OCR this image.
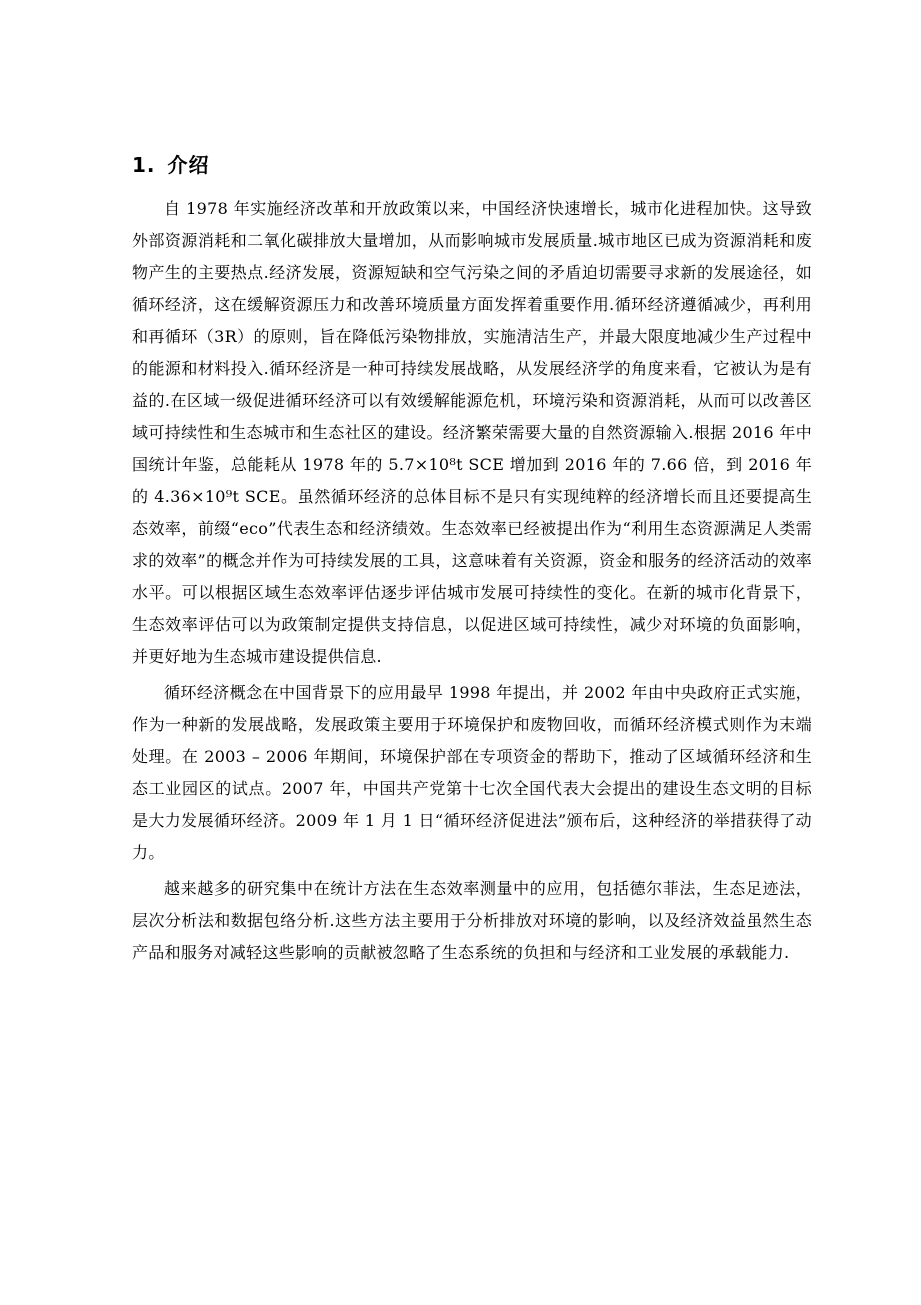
1. 介绍

自 1978 年实施经济改革和开放政策以来，中国经济快速增长，城市化进程加快。这导致外部资源消耗和二氧化碳排放大量增加，从而影响城市发展质量.城市地区已成为资源消耗和废物产生的主要热点.经济发展，资源短缺和空气污染之间的矛盾迫切需要寻求新的发展途径，如循环经济，这在缓解资源压力和改善环境质量方面发挥着重要作用.循环经济遵循减少，再利用和再循环（3R）的原则，旨在降低污染物排放，实施清洁生产，并最大限度地减少生产过程中的能源和材料投入.循环经济是一种可持续发展战略，从发展经济学的角度来看，它被认为是有益的.在区域一级促进循环经济可以有效缓解能源危机，环境污染和资源消耗，从而可以改善区域可持续性和生态城市和生态社区的建设。经济繁荣需要大量的自然资源输入.根据 2016 年中国统计年鉴，总能耗从 1978 年的 5.7×10⁸t SCE 增加到 2016 年的 7.66 倍，到 2016 年的 4.36×10⁹t SCE。虽然循环经济的总体目标不是只有实现纯粹的经济增长而且还要提高生态效率，前缀“eco”代表生态和经济绩效。生态效率已经被提出作为“利用生态资源满足人类需求的效率”的概念并作为可持续发展的工具，这意味着有关资源，资金和服务的经济活动的效率水平。可以根据区域生态效率评估逐步评估城市发展可持续性的变化。在新的城市化背景下，生态效率评估可以为政策制定提供支持信息，以促进区域可持续性，减少对环境的负面影响，并更好地为生态城市建设提供信息.

循环经济概念在中国背景下的应用最早 1998 年提出，并 2002 年由中央政府正式实施，作为一种新的发展战略，发展政策主要用于环境保护和废物回收，而循环经济模式则作为末端处理。在 2003 – 2006 年期间，环境保护部在专项资金的帮助下，推动了区域循环经济和生态工业园区的试点。2007 年，中国共产党第十七次全国代表大会提出的建设生态文明的目标是大力发展循环经济。2009 年 1 月 1 日“循环经济促进法”颁布后，这种经济的举措获得了动力。

越来越多的研究集中在统计方法在生态效率测量中的应用，包括德尔菲法，生态足迹法，层次分析法和数据包络分析.这些方法主要用于分析排放对环境的影响，以及经济效益虽然生态产品和服务对减轻这些影响的贡献被忽略了生态系统的负担和与经济和工业发展的承载能力.
